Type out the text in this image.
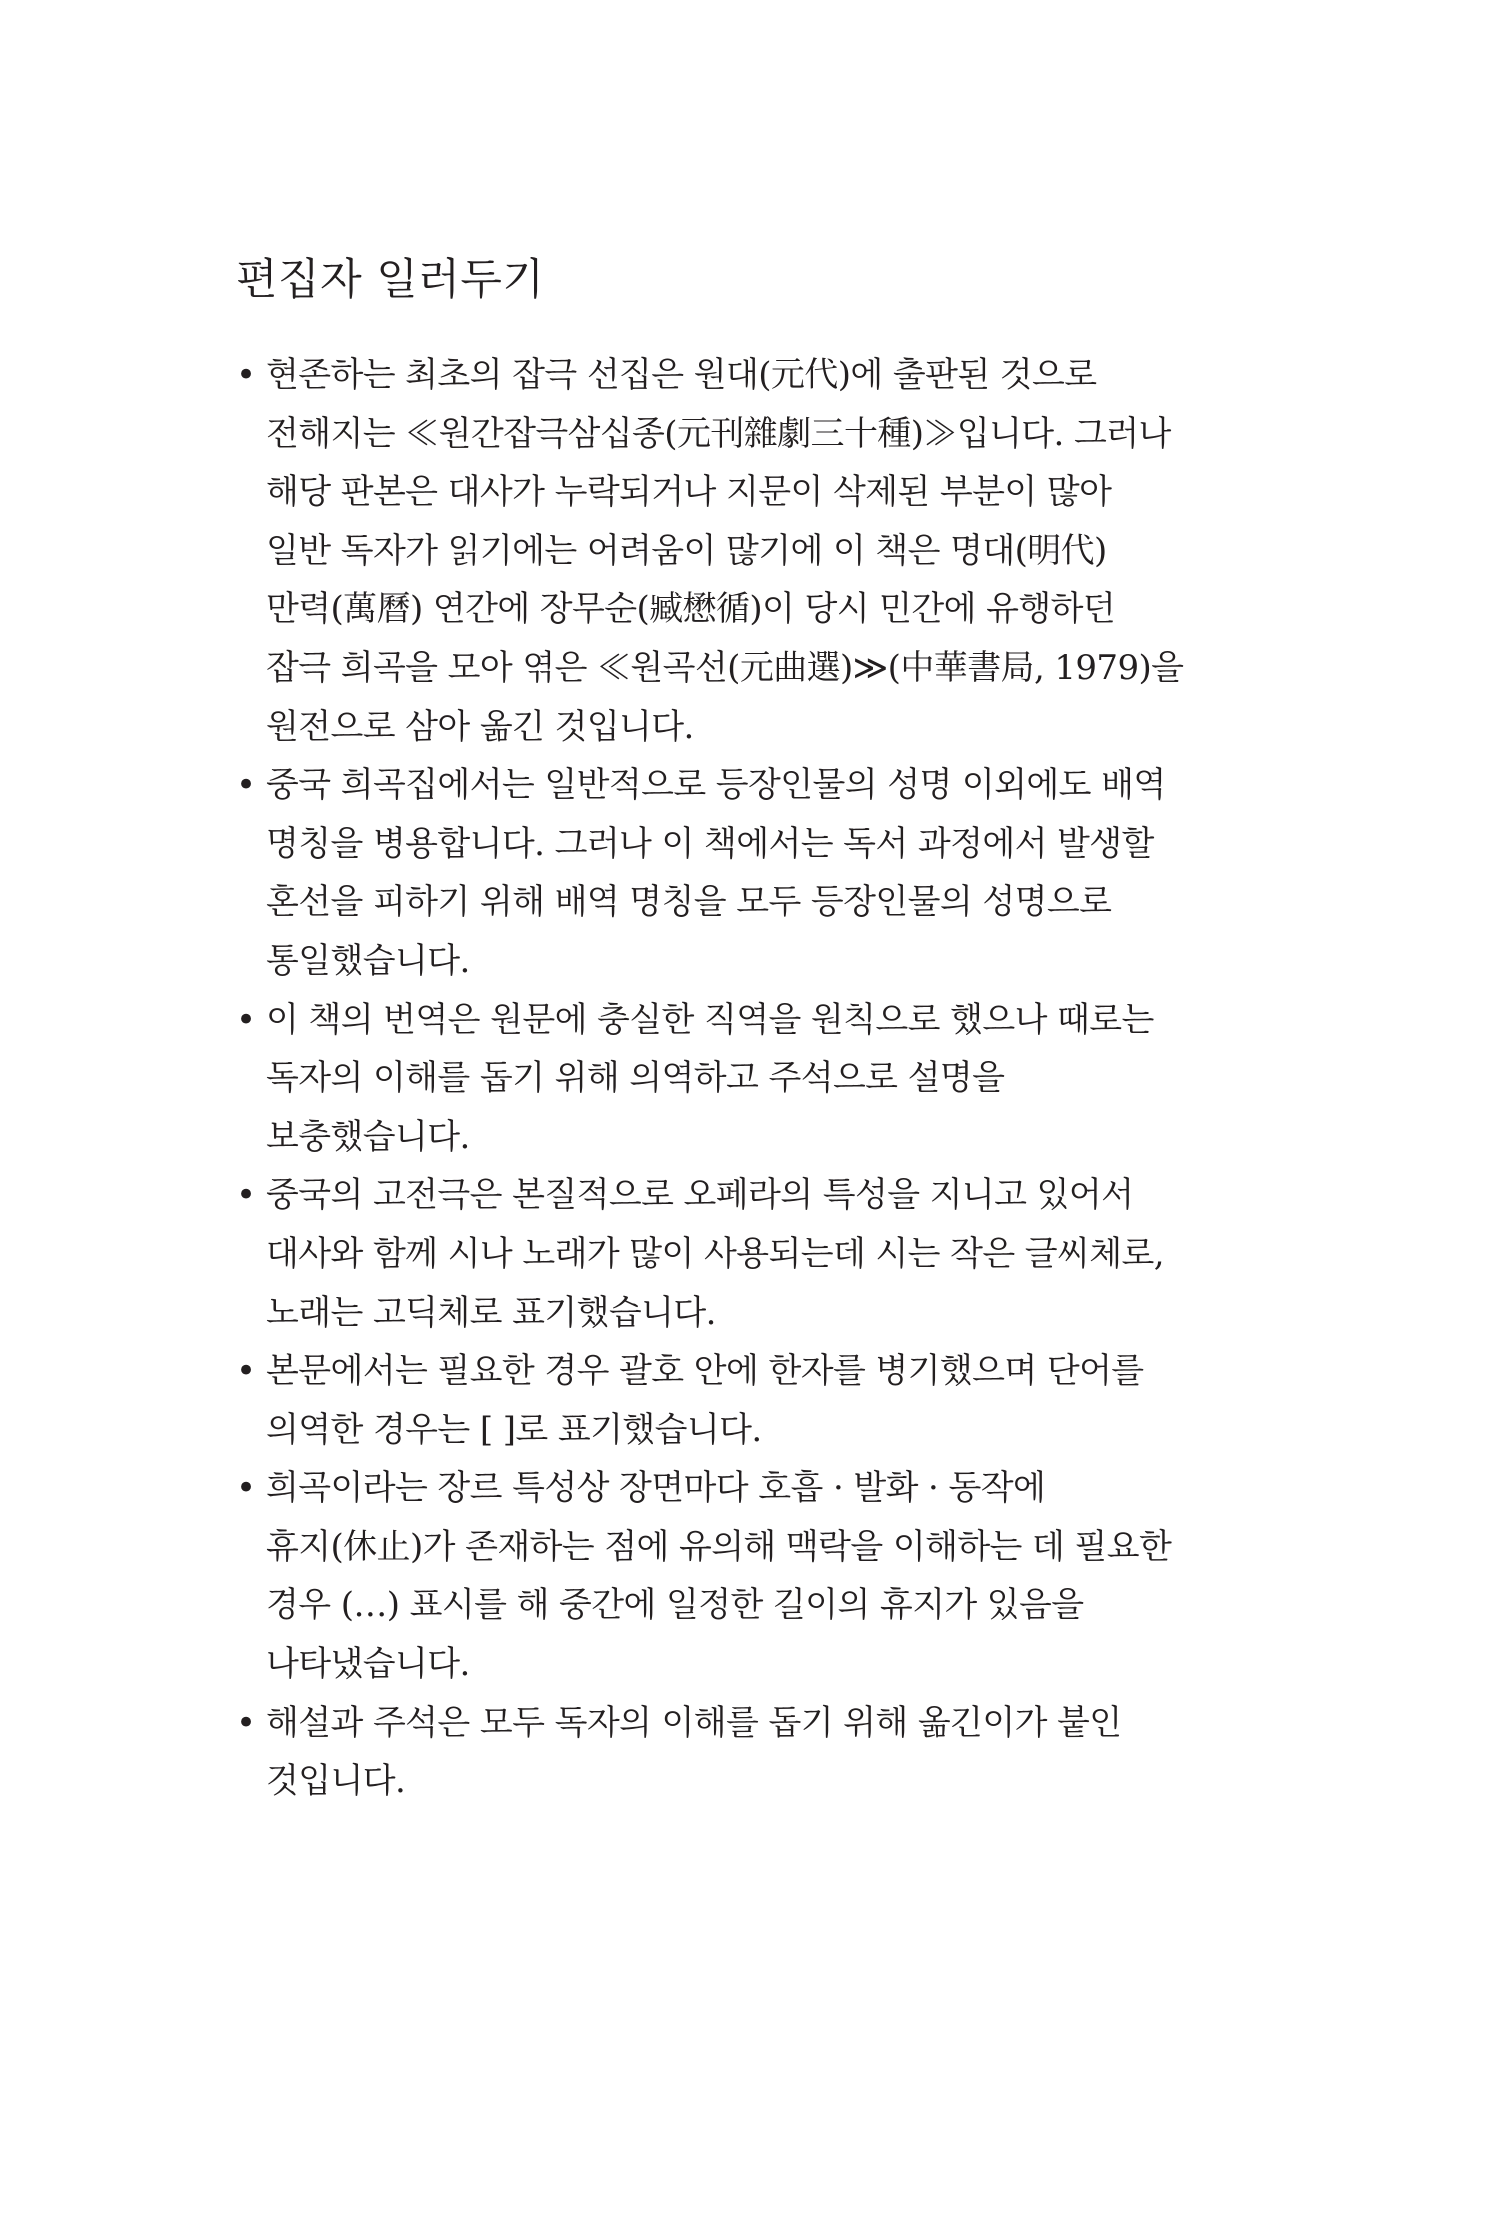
편집자 일러두기
• 현존하는 최초의 잡극 선집은 원대(元代)에 출판된 것으로
전해지는 ≪원간잡극삼십종(元刊雜劇三十種)≫입니다. 그러나
해당 판본은 대사가 누락되거나 지문이 삭제된 부분이 많아
일반 독자가 읽기에는 어려움이 많기에 이 책은 명대(明代)
만력(萬曆) 연간에 장무순(臧懋循)이 당시 민간에 유행하던
잡극 희곡을 모아 엮은 ≪원곡선(元曲選)≫(中華書局, 1979)을
원전으로 삼아 옮긴 것입니다.
• 중국 희곡집에서는 일반적으로 등장인물의 성명 이외에도 배역
명칭을 병용합니다. 그러나 이 책에서는 독서 과정에서 발생할
혼선을 피하기 위해 배역 명칭을 모두 등장인물의 성명으로
통일했습니다.
• 이 책의 번역은 원문에 충실한 직역을 원칙으로 했으나 때로는
독자의 이해를 돕기 위해 의역하고 주석으로 설명을
보충했습니다.
• 중국의 고전극은 본질적으로 오페라의 특성을 지니고 있어서
대사와 함께 시나 노래가 많이 사용되는데 시는 작은 글씨체로,
노래는 고딕체로 표기했습니다.
• 본문에서는 필요한 경우 괄호 안에 한자를 병기했으며 단어를
의역한 경우는 [ ]로 표기했습니다.
• 희곡이라는 장르 특성상 장면마다 호흡 · 발화 · 동작에
휴지(休止)가 존재하는 점에 유의해 맥락을 이해하는 데 필요한
경우 (…) 표시를 해 중간에 일정한 길이의 휴지가 있음을
나타냈습니다.
• 해설과 주석은 모두 독자의 이해를 돕기 위해 옮긴이가 붙인
것입니다.
